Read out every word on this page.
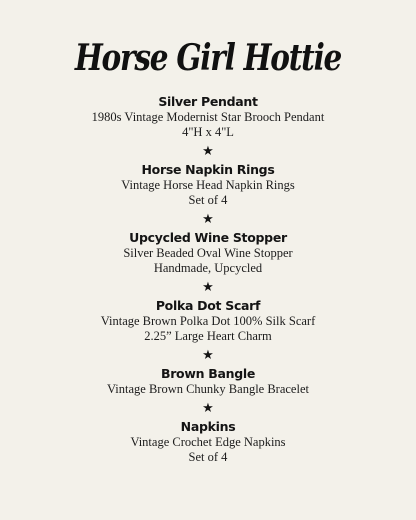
Horse Girl Hottie
Silver Pendant
1980s Vintage Modernist Star Brooch Pendant
4"H x 4"L
★
Horse Napkin Rings
Vintage Horse Head Napkin Rings
Set of 4
★
Upcycled Wine Stopper
Silver Beaded Oval Wine Stopper
Handmade, Upcycled
★
Polka Dot Scarf
Vintage Brown Polka Dot 100% Silk Scarf
2.25” Large Heart Charm
★
Brown Bangle
Vintage Brown Chunky Bangle Bracelet
★
Napkins
Vintage Crochet Edge Napkins
Set of 4
